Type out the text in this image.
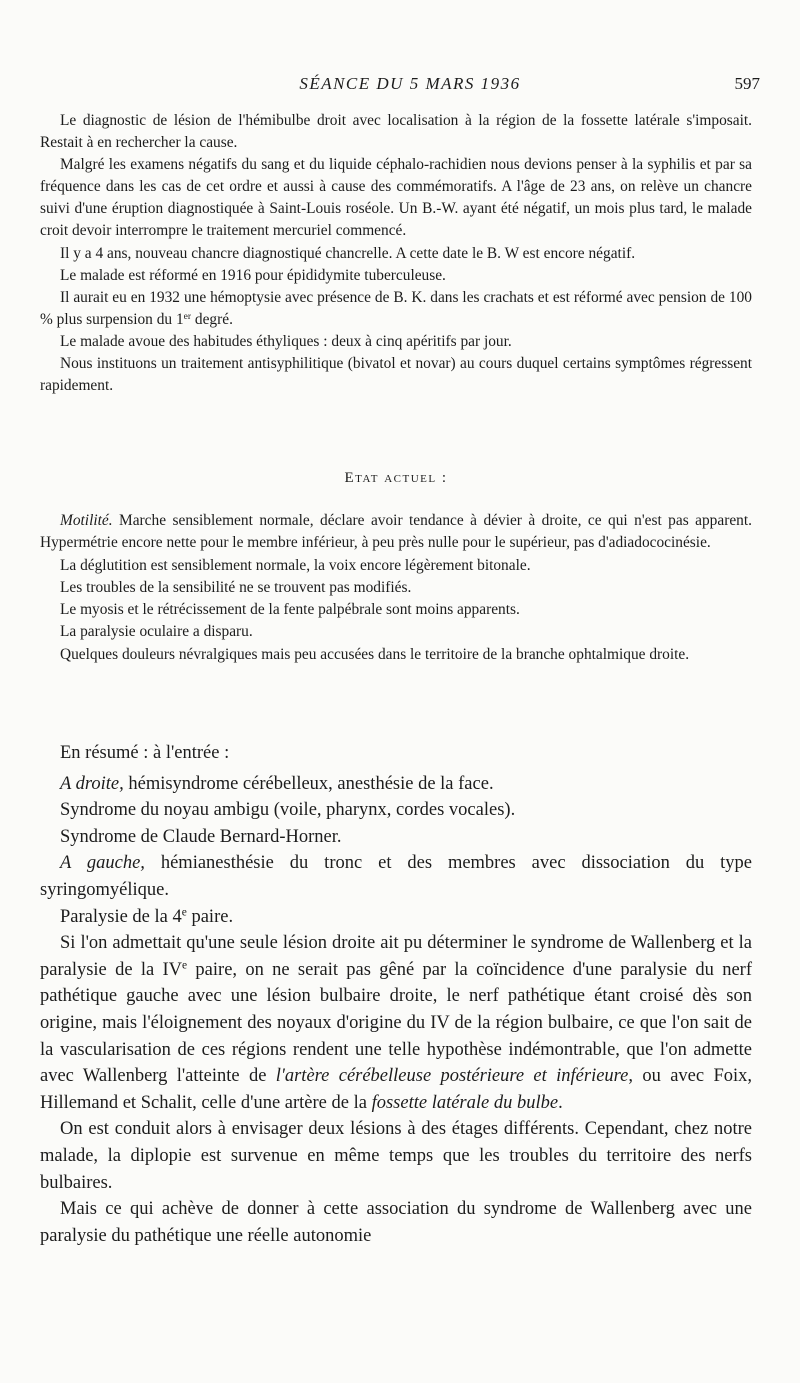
SÉANCE DU 5 MARS 1936	597

Le diagnostic de lésion de l'hémibulbe droit avec localisation à la région de la fossette latérale s'imposait. Restait à en rechercher la cause.

Malgré les examens négatifs du sang et du liquide céphalo-rachidien nous devions penser à la syphilis et par sa fréquence dans les cas de cet ordre et aussi à cause des commémoratifs. A l'âge de 23 ans, on relève un chancre suivi d'une éruption diagnostiquée à Saint-Louis roséole. Un B.-W. ayant été négatif, un mois plus tard, le malade croit devoir interrompre le traitement mercuriel commencé.

Il y a 4 ans, nouveau chancre diagnostiqué chancrelle. A cette date le B. W est encore négatif.

Le malade est réformé en 1916 pour épididymite tuberculeuse.

Il aurait eu en 1932 une hémoptysie avec présence de B. K. dans les crachats et est réformé avec pension de 100 % plus surpension du 1er degré.

Le malade avoue des habitudes éthyliques : deux à cinq apéritifs par jour.

Nous instituons un traitement antisyphilitique (bivatol et novar) au cours duquel certains symptômes régressent rapidement.

Etat actuel :

Motilité. Marche sensiblement normale, déclare avoir tendance à dévier à droite, ce qui n'est pas apparent. Hypermétrie encore nette pour le membre inférieur, à peu près nulle pour le supérieur, pas d'adiadococinésie.

La déglutition est sensiblement normale, la voix encore légèrement bitonale.

Les troubles de la sensibilité ne se trouvent pas modifiés.

Le myosis et le rétrécissement de la fente palpébrale sont moins apparents.

La paralysie oculaire a disparu.

Quelques douleurs névralgiques mais peu accusées dans le territoire de la branche ophtalmique droite.

En résumé : à l'entrée :

A droite, hémisyndrome cérébelleux, anesthésie de la face.

Syndrome du noyau ambigu (voile, pharynx, cordes vocales).

Syndrome de Claude Bernard-Horner.

A gauche, hémianesthésie du tronc et des membres avec dissociation du type syringomyélique.

Paralysie de la 4e paire.

Si l'on admettait qu'une seule lésion droite ait pu déterminer le syndrome de Wallenberg et la paralysie de la IVe paire, on ne serait pas gêné par la coïncidence d'une paralysie du nerf pathétique gauche avec une lésion bulbaire droite, le nerf pathétique étant croisé dès son origine, mais l'éloignement des noyaux d'origine du IV de la région bulbaire, ce que l'on sait de la vascularisation de ces régions rendent une telle hypothèse indémontrable, que l'on admette avec Wallenberg l'atteinte de l'artère cérébelleuse postérieure et inférieure, ou avec Foix, Hillemand et Schalit, celle d'une artère de la fossette latérale du bulbe.

On est conduit alors à envisager deux lésions à des étages différents. Cependant, chez notre malade, la diplopie est survenue en même temps que les troubles du territoire des nerfs bulbaires.

Mais ce qui achève de donner à cette association du syndrome de Wallenberg avec une paralysie du pathétique une réelle autonomie
